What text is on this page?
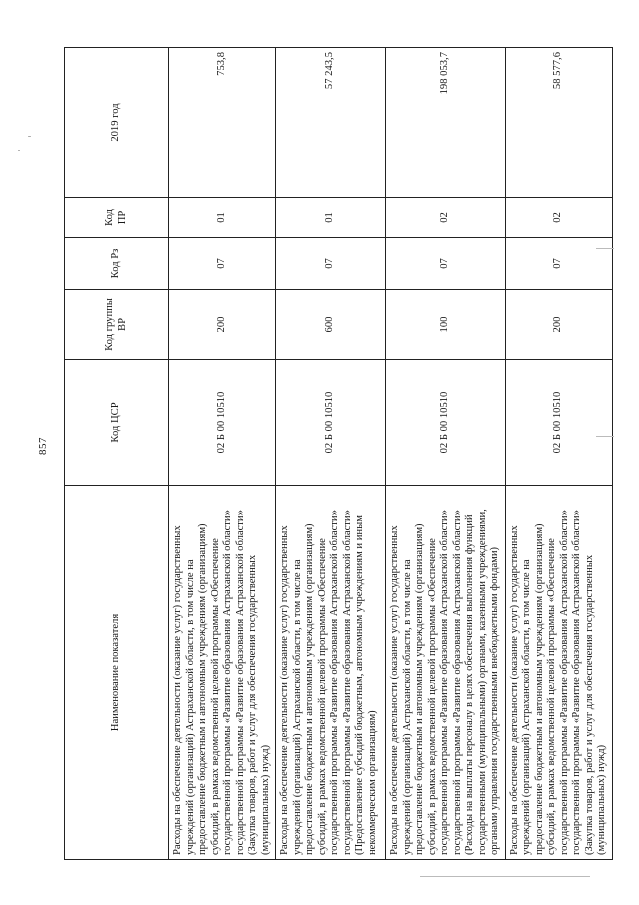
857
Наименование показателя	Код ЦСР	Код группы ВР	Код Рз	Код ПР	2019 год
Расходы на обеспечение деятельности (оказание услуг) государственных учреждений (организаций) Астраханской области, в том числе на предоставление бюджетным и автономным учреждениям (организациям) субсидий, в рамках ведомственной целевой программы «Обеспечение государственной программы «Развитие образования Астраханской области» государственной программы «Развитие образования Астраханской области» (Закупка товаров, работ и услуг для обеспечения государственных (муниципальных) нужд)	02 Б 00 10510	200	07	01	753,8
Расходы на обеспечение деятельности (оказание услуг) государственных учреждений (организаций) Астраханской области, в том числе на предоставление бюджетным и автономным учреждениям (организациям) субсидий, в рамках ведомственной целевой программы «Обеспечение государственной программы «Развитие образования Астраханской области» государственной программы «Развитие образования Астраханской области» (Предоставление субсидий бюджетным, автономным учреждениям и иным некоммерческим организациям)	02 Б 00 10510	600	07	01	57 243,5
Расходы на обеспечение деятельности (оказание услуг) государственных учреждений (организаций) Астраханской области, в том числе на предоставление бюджетным и автономным учреждениям (организациям) субсидий, в рамках ведомственной целевой программы «Обеспечение государственной программы «Развитие образования Астраханской области» государственной программы «Развитие образования Астраханской области» (Расходы на выплаты персоналу в целях обеспечения выполнения функций государственными (муниципальными) органами, казенными учреждениями, органами управления государственными внебюджетными фондами)	02 Б 00 10510	100	07	02	198 053,7
Расходы на обеспечение деятельности (оказание услуг) государственных учреждений (организаций) Астраханской области, в том числе на предоставление бюджетным и автономным учреждениям (организациям) субсидий, в рамках ведомственной целевой программы «Обеспечение государственной программы «Развитие образования Астраханской области» государственной программы «Развитие образования Астраханской области» (Закупка товаров, работ и услуг для обеспечения государственных (муниципальных) нужд)	02 Б 00 10510	200	07	02	58 577,6
